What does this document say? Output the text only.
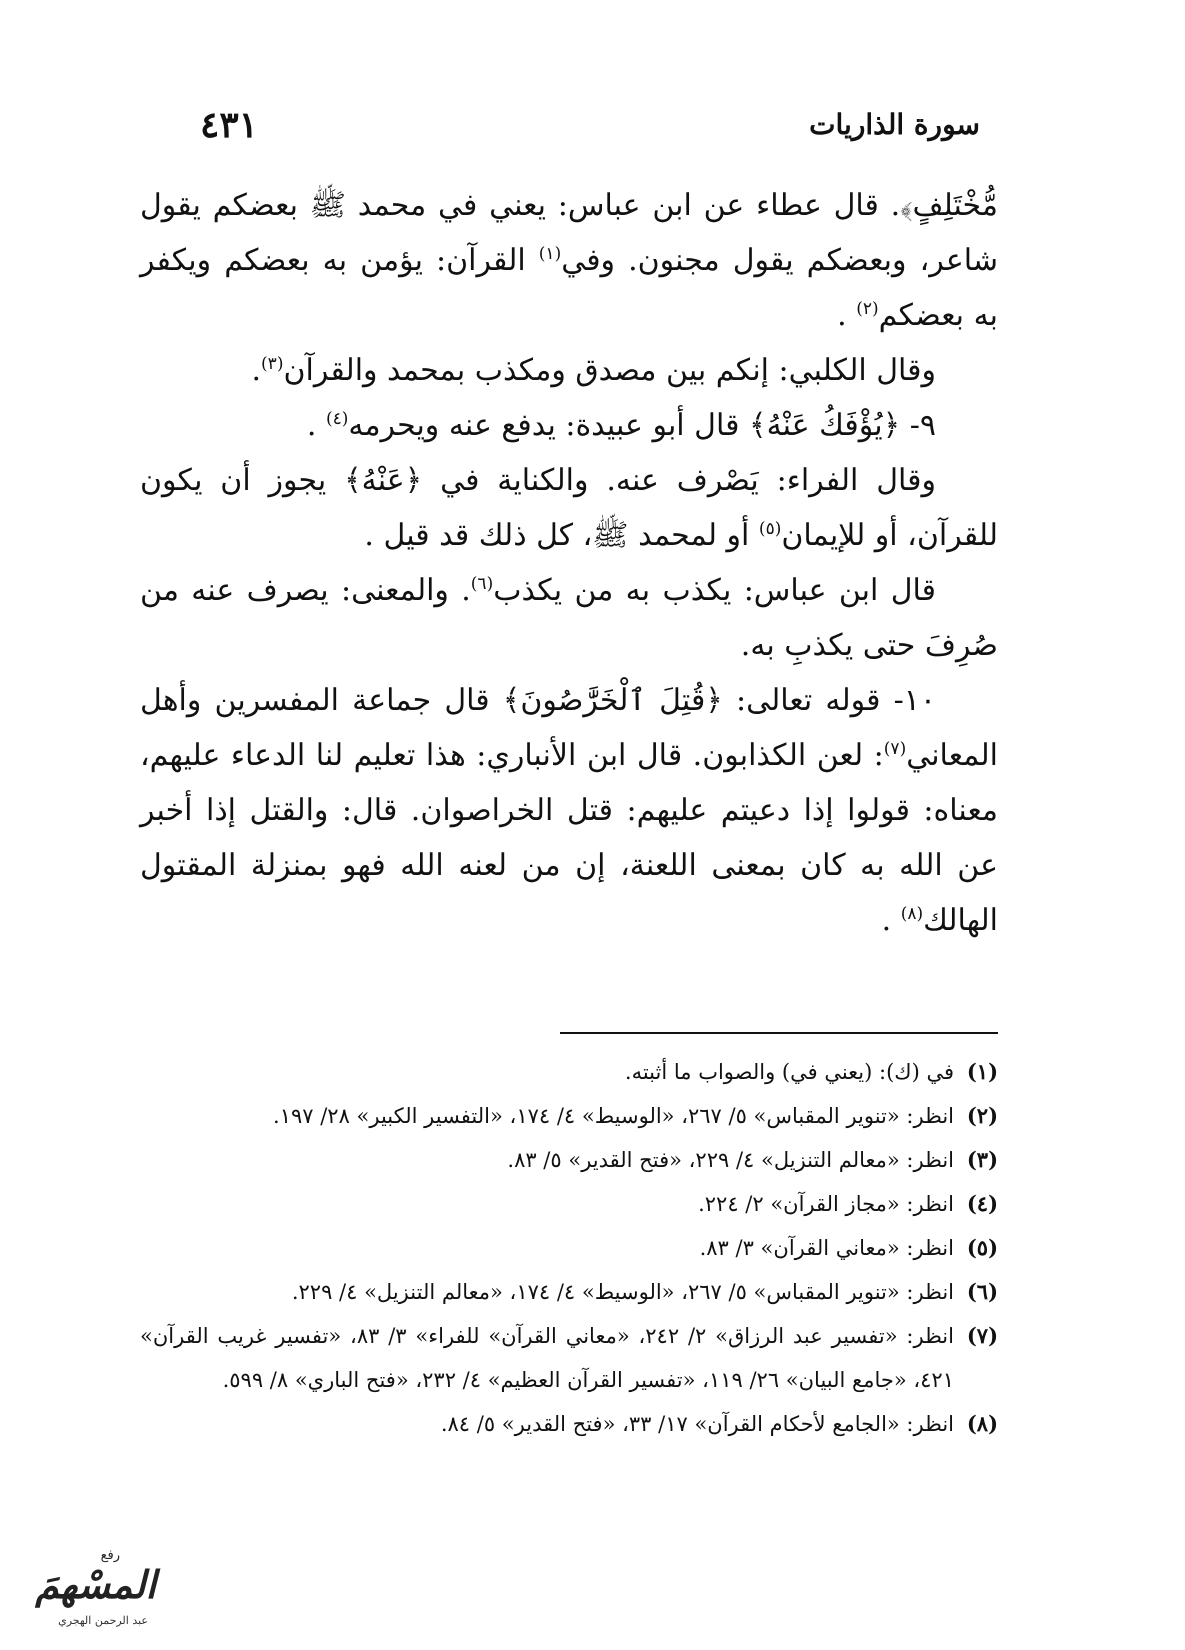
سورة الذاريات
٤٣١

مُّخْتَلِفٍ﴾. قال عطاء عن ابن عباس: يعني في محمد ﷺ بعضكم يقول شاعر، وبعضكم يقول مجنون. وفي$^{(١)}$ القرآن: يؤمن به بعضكم ويكفر به بعضكم$^{(٢)}$ .

وقال الكلبي: إنكم بين مصدق ومكذب بمحمد والقرآن$^{(٣)}$.

٩- ﴿يُؤْفَكُ عَنْهُ﴾ قال أبو عبيدة: يدفع عنه ويحرمه$^{(٤)}$ .

وقال الفراء: يَصْرف عنه. والكناية في ﴿عَنْهُ﴾ يجوز أن يكون للقرآن، أو للإيمان$^{(٥)}$ أو لمحمد ﷺ، كل ذلك قد قيل .

قال ابن عباس: يكذب به من يكذب$^{(٦)}$. والمعنى: يصرف عنه من صُرِفَ حتى يكذبِ به.

١٠- قوله تعالى: ﴿قُتِلَ ٱلْخَرَّٰصُونَ﴾ قال جماعة المفسرين وأهل المعاني$^{(٧)}$: لعن الكذابون. قال ابن الأنباري: هذا تعليم لنا الدعاء عليهم، معناه: قولوا إذا دعيتم عليهم: قتل الخراصوان. قال: والقتل إذا أخبر عن الله به كان بمعنى اللعنة، إن من لعنه الله فهو بمنزلة المقتول الهالك$^{(٨)}$ .

(١)
في (ك): (يعني في) والصواب ما أثبته.
(٢)
انظر: «تنوير المقباس» ٥/ ٢٦٧، «الوسيط» ٤/ ١٧٤، «التفسير الكبير» ٢٨/ ١٩٧.
(٣)
انظر: «معالم التنزيل» ٤/ ٢٢٩، «فتح القدير» ٥/ ٨٣.
(٤)
انظر: «مجاز القرآن» ٢/ ٢٢٤.
(٥)
انظر: «معاني القرآن» ٣/ ٨٣.
(٦)
انظر: «تنوير المقباس» ٥/ ٢٦٧، «الوسيط» ٤/ ١٧٤، «معالم التنزيل» ٤/ ٢٢٩.
(٧)
انظر: «تفسير عبد الرزاق» ٢/ ٢٤٢، «معاني القرآن» للفراء» ٣/ ٨٣، «تفسير غريب القرآن» ٤٢١، «جامع البيان» ٢٦/ ١١٩، «تفسير القرآن العظيم» ٤/ ٢٣٢، «فتح الباري» ٨/ ٥٩٩.
(٨)
انظر: «الجامع لأحكام القرآن» ١٧/ ٣٣، «فتح القدير» ٥/ ٨٤.
رفع
المسْهمَ
عبد الرحمن الهجري
